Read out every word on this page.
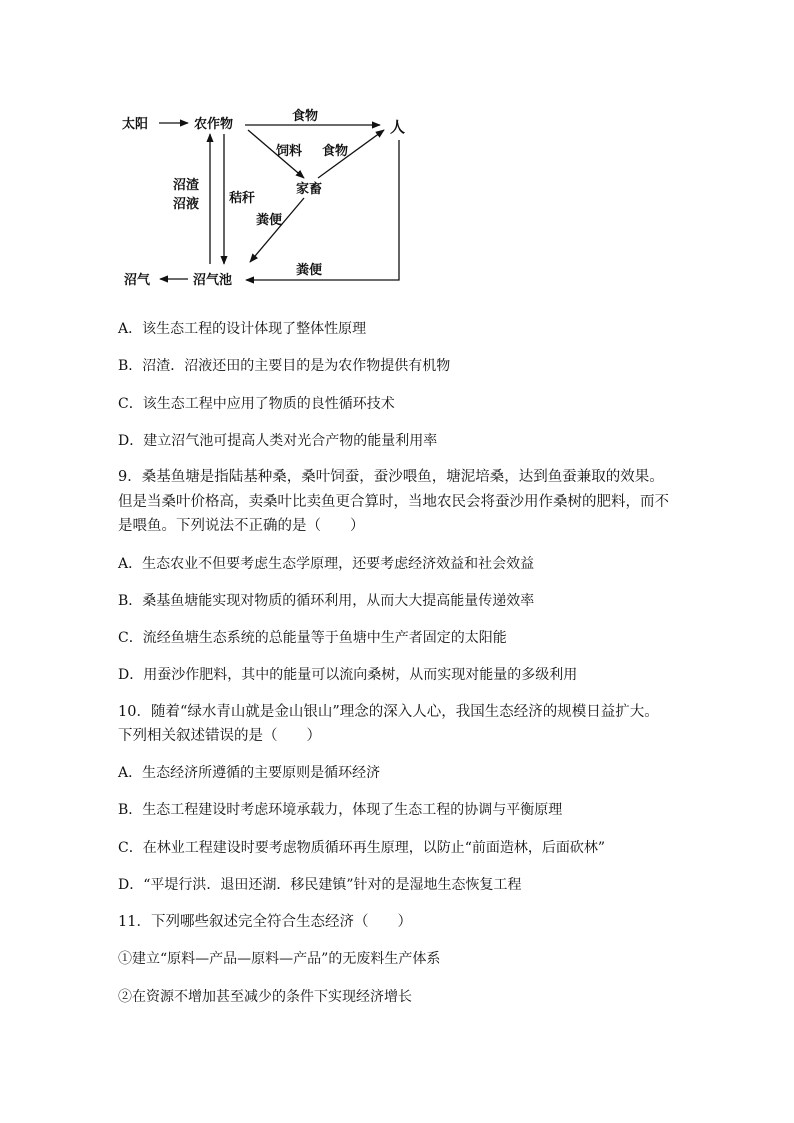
太阳	农作物	人
家畜
沼气池
沼气
食物
饲料 食物
沼渣
沼液 秸秆
粪便
粪便

A．该生态工程的设计体现了整体性原理

B．沼渣．沼液还田的主要目的是为农作物提供有机物

C．该生态工程中应用了物质的良性循环技术

D．建立沼气池可提高人类对光合产物的能量利用率

9．桑基鱼塘是指陆基种桑，桑叶饲蚕，蚕沙喂鱼，塘泥培桑，达到鱼蚕兼取的效果。

但是当桑叶价格高，卖桑叶比卖鱼更合算时，当地农民会将蚕沙用作桑树的肥料，而不

是喂鱼。下列说法不正确的是（　　）

A．生态农业不但要考虑生态学原理，还要考虑经济效益和社会效益

B．桑基鱼塘能实现对物质的循环利用，从而大大提高能量传递效率

C．流经鱼塘生态系统的总能量等于鱼塘中生产者固定的太阳能

D．用蚕沙作肥料，其中的能量可以流向桑树，从而实现对能量的多级利用

10．随着“绿水青山就是金山银山”理念的深入人心，我国生态经济的规模日益扩大。

下列相关叙述错误的是（　　）

A．生态经济所遵循的主要原则是循环经济

B．生态工程建设时考虑环境承载力，体现了生态工程的协调与平衡原理

C．在林业工程建设时要考虑物质循环再生原理，以防止“前面造林，后面砍林”

D．“平堤行洪．退田还湖．移民建镇”针对的是湿地生态恢复工程

11．下列哪些叙述完全符合生态经济（　　）

①建立“原料—产品—原料—产品”的无废料生产体系

②在资源不增加甚至减少的条件下实现经济增长
